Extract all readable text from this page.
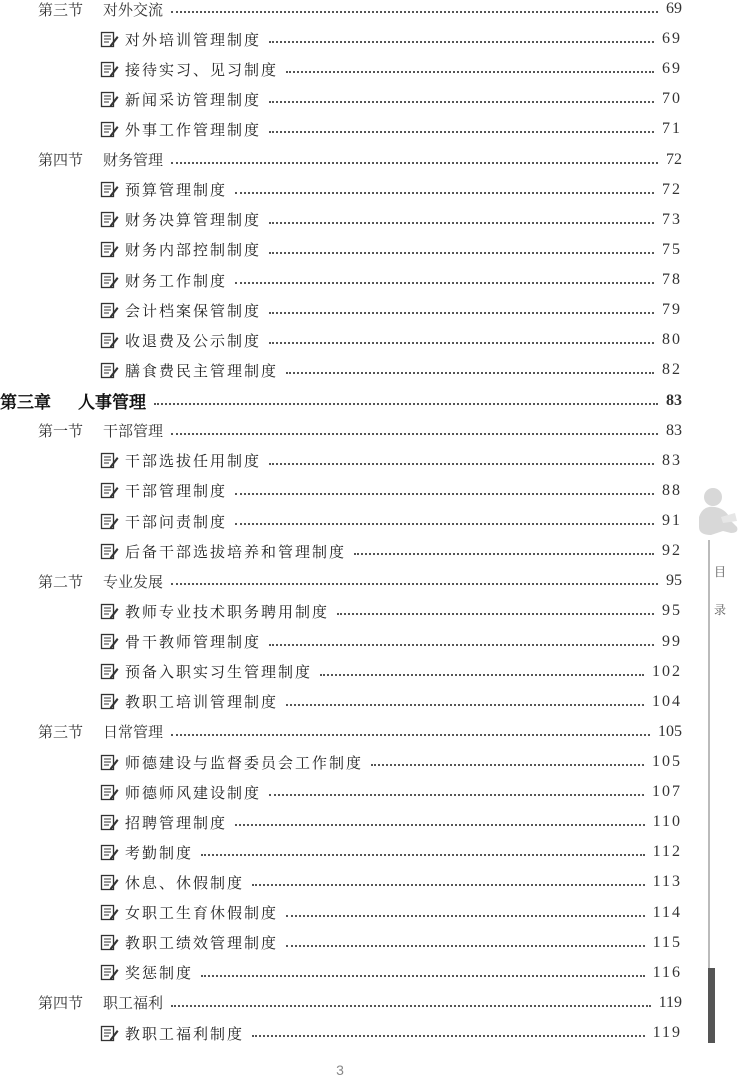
第三节	对外交流	69
对外培训管理制度	69
接待实习、见习制度	69
新闻采访管理制度	70
外事工作管理制度	71
第四节	财务管理	72
预算管理制度	72
财务决算管理制度	73
财务内部控制制度	75
财务工作制度	78
会计档案保管制度	79
收退费及公示制度	80
膳食费民主管理制度	82
第三章	人事管理	83
第一节	干部管理	83
干部选拔任用制度	83
干部管理制度	88
干部问责制度	91
后备干部选拔培养和管理制度	92
第二节	专业发展	95
教师专业技术职务聘用制度	95
骨干教师管理制度	99
预备入职实习生管理制度	102
教职工培训管理制度	104
第三节	日常管理	105
师德建设与监督委员会工作制度	105
师德师风建设制度	107
招聘管理制度	110
考勤制度	112
休息、休假制度	113
女职工生育休假制度	114
教职工绩效管理制度	115
奖惩制度	116
第四节	职工福利	119
教职工福利制度	119
目
录
3
